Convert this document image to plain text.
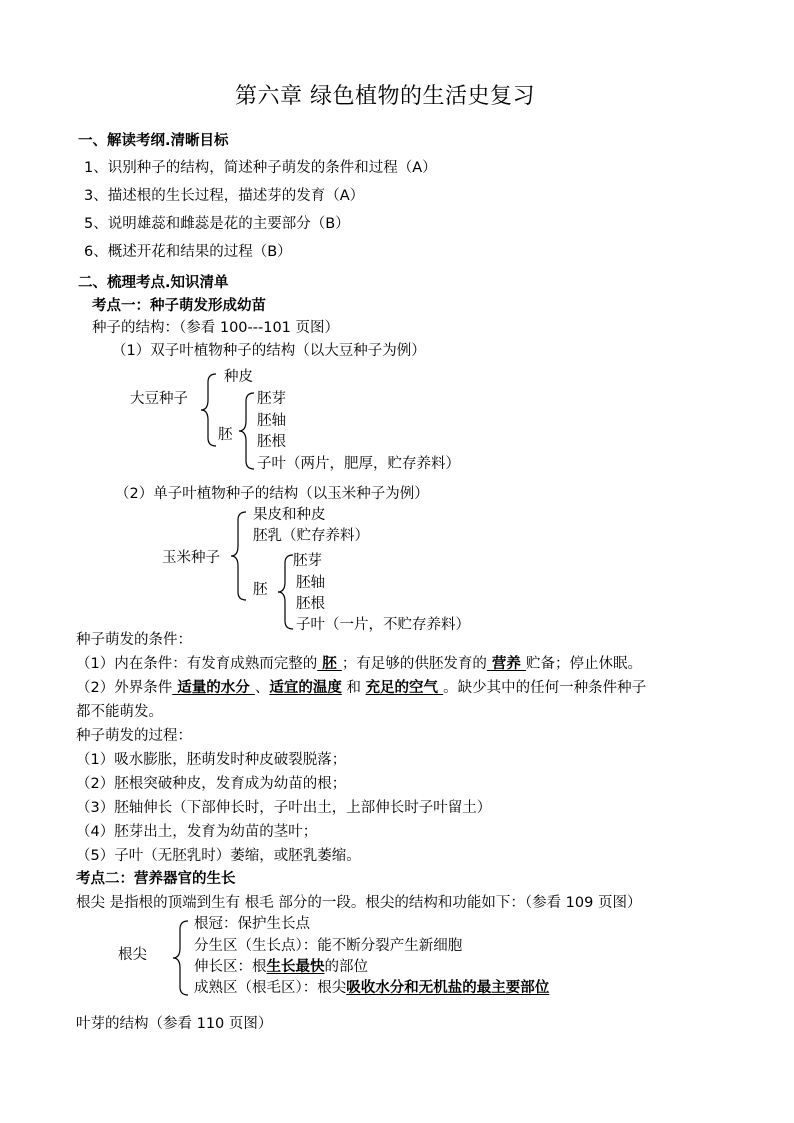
第六章 绿色植物的生活史复习
一、解读考纲.清晰目标
1、识别种子的结构，简述种子萌发的条件和过程（A）
3、描述根的生长过程，描述芽的发育（A）
5、说明雄蕊和雌蕊是花的主要部分（B）
6、概述开花和结果的过程（B）
二、梳理考点.知识清单
考点一：种子萌发形成幼苗
种子的结构：（参看 100---101 页图）
（1）双子叶植物种子的结构（以大豆种子为例）
大豆种子
种皮
胚
胚芽
胚轴
胚根
子叶（两片，肥厚，贮存养料）
（2）单子叶植物种子的结构（以玉米种子为例）
玉米种子
果皮和种皮
胚乳（贮存养料）
胚
胚芽
胚轴
胚根
子叶（一片，不贮存养料）
种子萌发的条件：
（1）内在条件：有发育成熟而完整的 胚 ；有足够的供胚发育的 营养 贮备；停止休眠。
（2）外界条件 适量的水分 、适宜的温度 和 充足的空气 。缺少其中的任何一种条件种子
都不能萌发。
种子萌发的过程：
（1）吸水膨胀，胚萌发时种皮破裂脱落；
（2）胚根突破种皮，发育成为幼苗的根；
（3）胚轴伸长（下部伸长时，子叶出土，上部伸长时子叶留土）
（4）胚芽出土，发育为幼苗的茎叶；
（5）子叶（无胚乳时）萎缩，或胚乳萎缩。
考点二：营养器官的生长
根尖 是指根的顶端到生有 根毛 部分的一段。根尖的结构和功能如下：（参看 109 页图）
根尖
根冠：保护生长点
分生区（生长点）：能不断分裂产生新细胞
伸长区：根生长最快的部位
成熟区（根毛区）：根尖吸收水分和无机盐的最主要部位
叶芽的结构（参看 110 页图）
